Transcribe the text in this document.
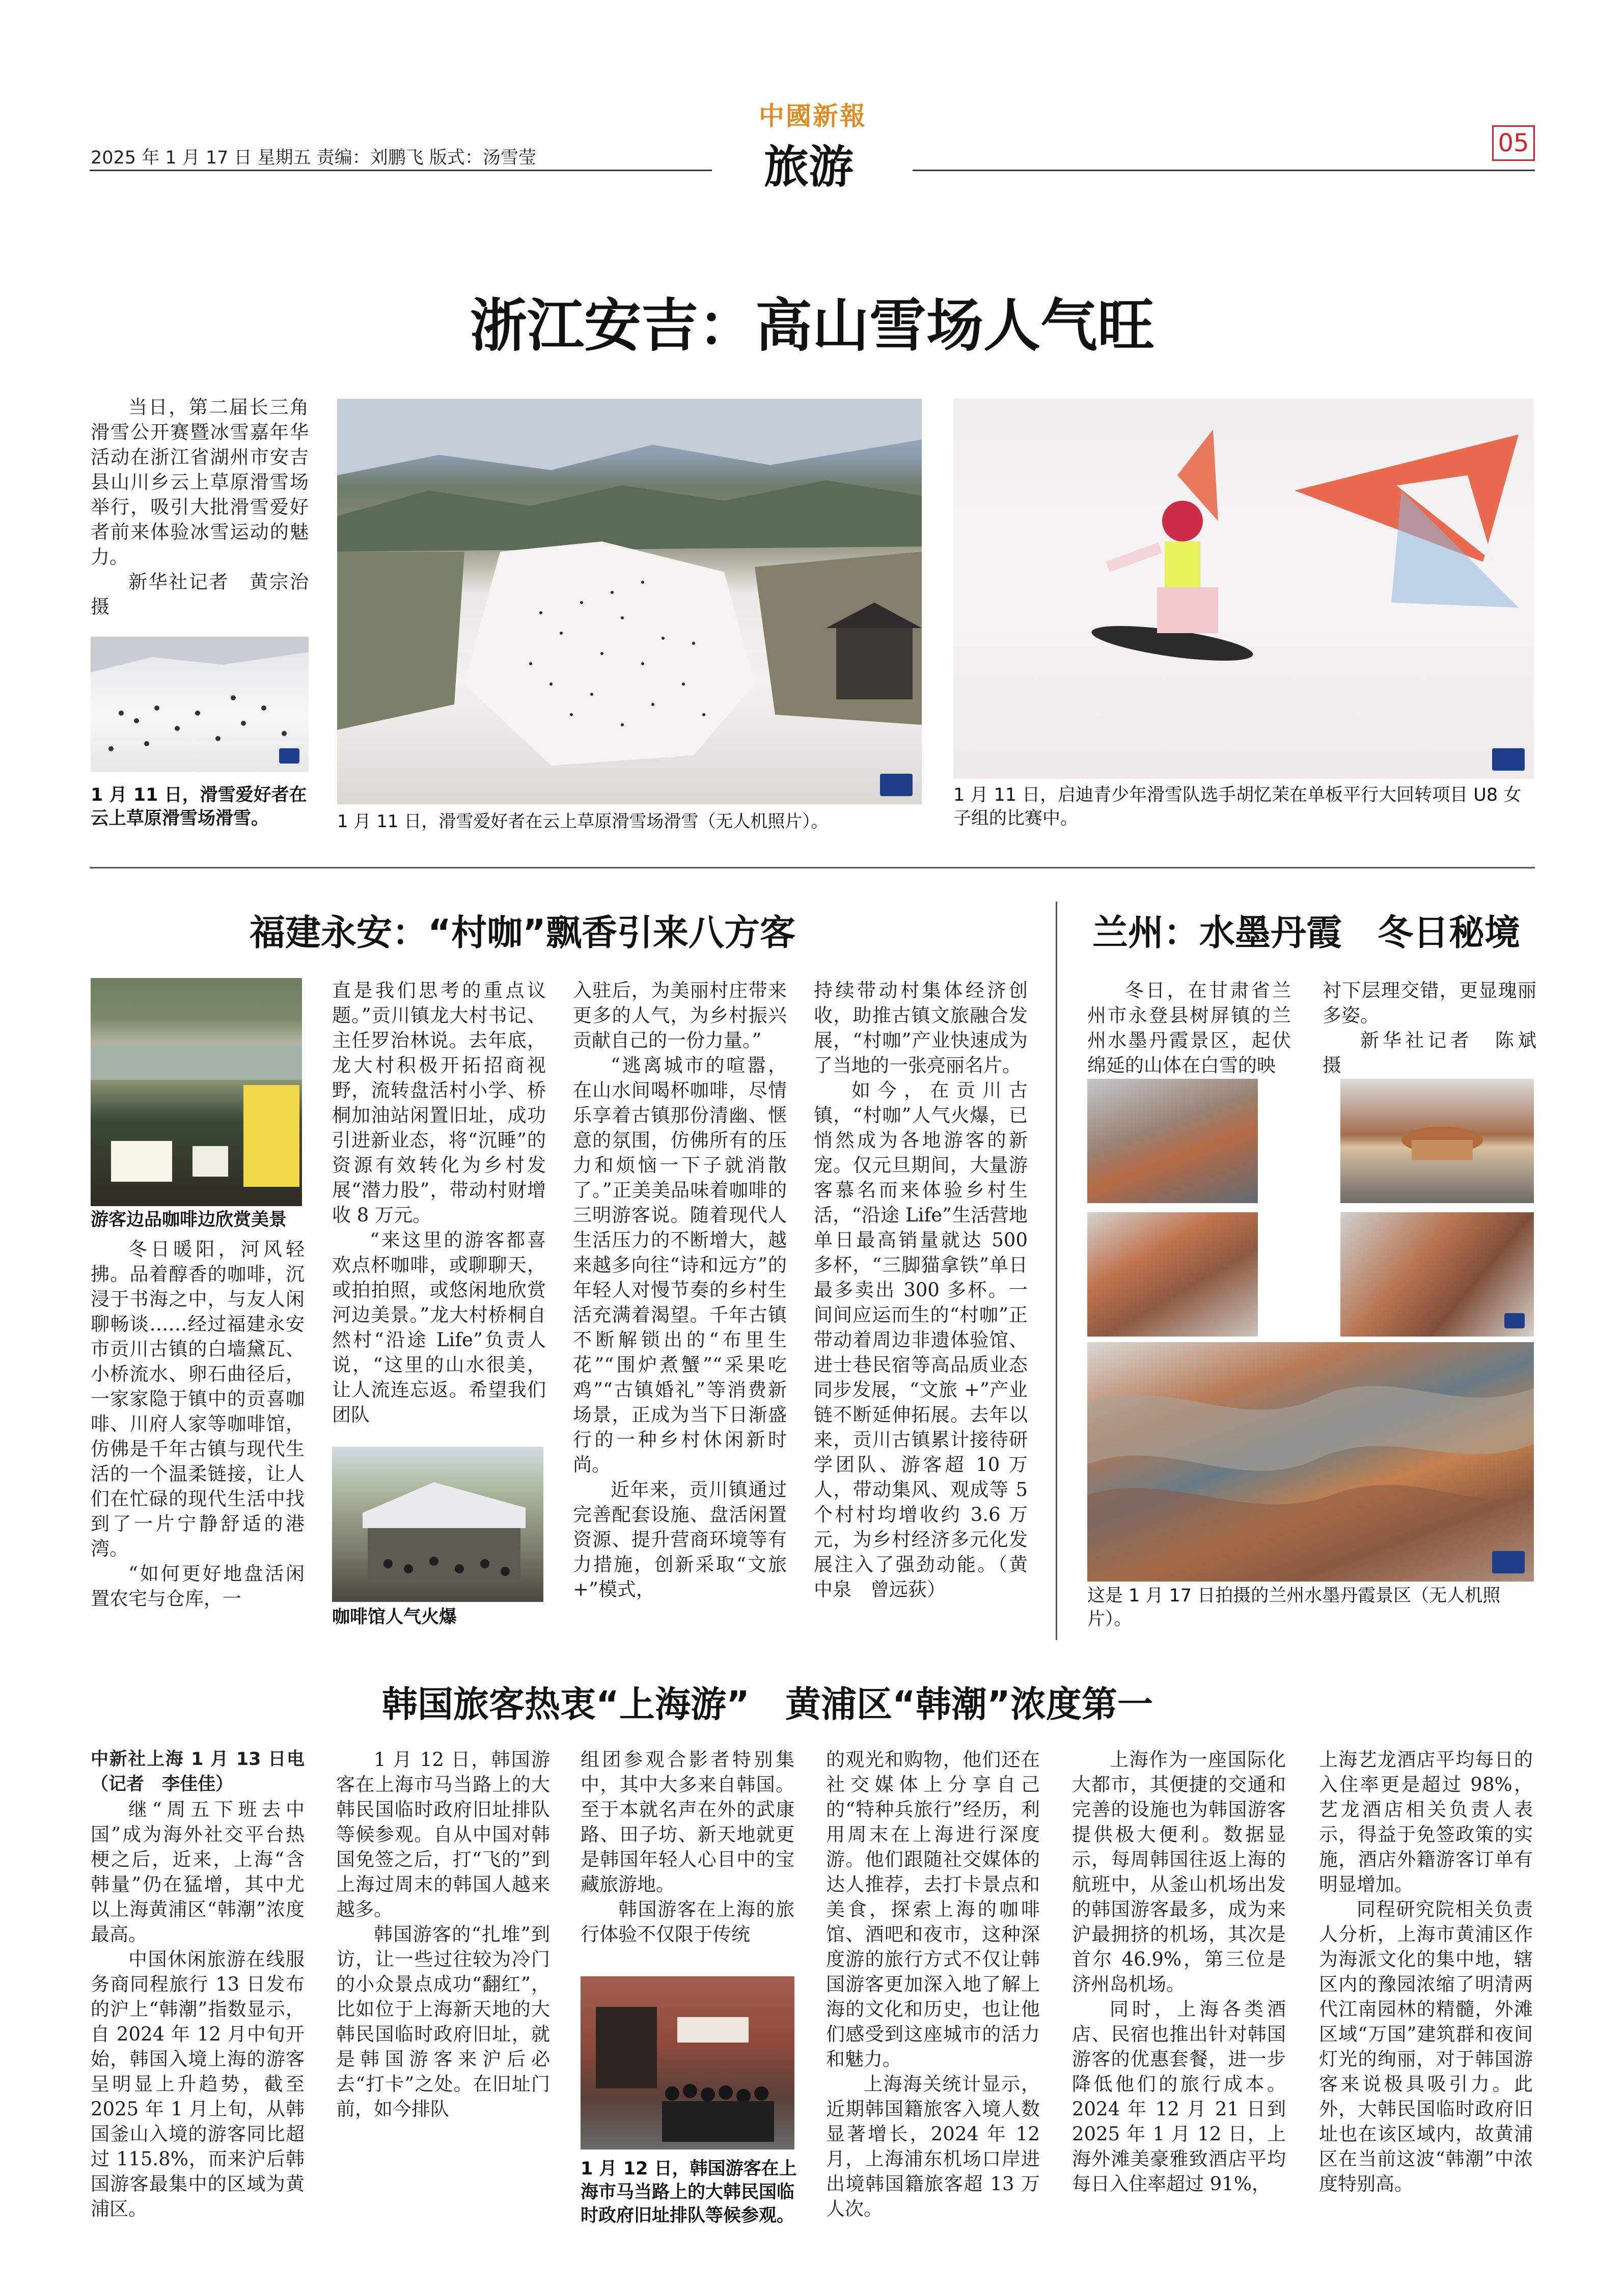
2025 年 1 月 17 日 星期五 责编：刘鹏飞 版式：汤雪莹
中國新報
旅游	05
浙江安吉：高山雪场人气旺
当日，第二届长三角滑雪公开赛暨冰雪嘉年华活动在浙江省湖州市安吉县山川乡云上草原滑雪场举行，吸引大批滑雪爱好者前来体验冰雪运动的魅力。
新华社记者　黄宗治　摄
1 月 11 日，滑雪爱好者在云上草原滑雪场滑雪。	1 月 11 日，滑雪爱好者在云上草原滑雪场滑雪（无人机照片）。
1 月 11 日，启迪青少年滑雪队选手胡忆茉在单板平行大回转项目 U8 女子组的比赛中。
福建永安：“村咖”飘香引来八方客
游客边品咖啡边欣赏美景
冬日暖阳，河风轻拂。品着醇香的咖啡，沉浸于书海之中，与友人闲聊畅谈……经过福建永安市贡川古镇的白墙黛瓦、小桥流水、卵石曲径后，一家家隐于镇中的贡喜咖啡、川府人家等咖啡馆，仿佛是千年古镇与现代生活的一个温柔链接，让人们在忙碌的现代生活中找到了一片宁静舒适的港湾。
“如何更好地盘活闲置农宅与仓库，一
直是我们思考的重点议题。”贡川镇龙大村书记、主任罗治林说。去年底，龙大村积极开拓招商视野，流转盘活村小学、桥桐加油站闲置旧址，成功引进新业态，将“沉睡”的资源有效转化为乡村发展“潜力股”，带动村财增收 8 万元。
“来这里的游客都喜欢点杯咖啡，或聊聊天，或拍拍照，或悠闲地欣赏河边美景。”龙大村桥桐自然村“沿途 Life”负责人说，“这里的山水很美，让人流连忘返。希望我们团队
咖啡馆人气火爆
入驻后，为美丽村庄带来更多的人气，为乡村振兴贡献自己的一份力量。”
“逃离城市的喧嚣，在山水间喝杯咖啡，尽情乐享着古镇那份清幽、惬意的氛围，仿佛所有的压力和烦恼一下子就消散了。”正美美品味着咖啡的三明游客说。随着现代人生活压力的不断增大，越来越多向往“诗和远方”的年轻人对慢节奏的乡村生活充满着渴望。千年古镇不断解锁出的“布里生花”“围炉煮蟹”“采果吃鸡”“古镇婚礼”等消费新场景，正成为当下日渐盛行的一种乡村休闲新时尚。
近年来，贡川镇通过完善配套设施、盘活闲置资源、提升营商环境等有力措施，创新采取“文旅 +”模式，
持续带动村集体经济创收，助推古镇文旅融合发展，“村咖”产业快速成为了当地的一张亮丽名片。
如今，在贡川古镇，“村咖”人气火爆，已悄然成为各地游客的新宠。仅元旦期间，大量游客慕名而来体验乡村生活，“沿途 Life”生活营地单日最高销量就达 500 多杯，“三脚猫拿铁”单日最多卖出 300 多杯。一间间应运而生的“村咖”正带动着周边非遗体验馆、进士巷民宿等高品质业态同步发展，“文旅 +”产业链不断延伸拓展。去年以来，贡川古镇累计接待研学团队、游客超 10 万人，带动集风、观成等 5 个村村均增收约 3.6 万元，为乡村经济多元化发展注入了强劲动能。（黄中泉　曾远荻）
兰州：水墨丹霞　冬日秘境
冬日，在甘肃省兰州市永登县树屏镇的兰州水墨丹霞景区，起伏绵延的山体在白雪的映
衬下层理交错，更显瑰丽多姿。
新华社记者　陈斌　摄
这是 1 月 17 日拍摄的兰州水墨丹霞景区（无人机照片）。
韩国旅客热衷“上海游”　黄浦区“韩潮”浓度第一
中新社上海 1 月 13 日电（记者　李佳佳）
继“周五下班去中国”成为海外社交平台热梗之后，近来，上海“含韩量”仍在猛增，其中尤以上海黄浦区“韩潮”浓度最高。
中国休闲旅游在线服务商同程旅行 13 日发布的沪上“韩潮”指数显示，自 2024 年 12 月中旬开始，韩国入境上海的游客呈明显上升趋势，截至 2025 年 1 月上旬，从韩国釜山入境的游客同比超过 115.8%，而来沪后韩国游客最集中的区域为黄浦区。
1 月 12 日，韩国游客在上海市马当路上的大韩民国临时政府旧址排队等候参观。自从中国对韩国免签之后，打“飞的”到上海过周末的韩国人越来越多。
韩国游客的“扎堆”到访，让一些过往较为冷门的小众景点成功“翻红”，比如位于上海新天地的大韩民国临时政府旧址，就是韩国游客来沪后必去“打卡”之处。在旧址门前，如今排队
组团参观合影者特别集中，其中大多来自韩国。至于本就名声在外的武康路、田子坊、新天地就更是韩国年轻人心目中的宝藏旅游地。
韩国游客在上海的旅行体验不仅限于传统
1 月 12 日，韩国游客在上海市马当路上的大韩民国临时政府旧址排队等候参观。
的观光和购物，他们还在社交媒体上分享自己的“特种兵旅行”经历，利用周末在上海进行深度游。他们跟随社交媒体的达人推荐，去打卡景点和美食，探索上海的咖啡馆、酒吧和夜市，这种深度游的旅行方式不仅让韩国游客更加深入地了解上海的文化和历史，也让他们感受到这座城市的活力和魅力。
上海海关统计显示，近期韩国籍旅客入境人数显著增长，2024 年 12 月，上海浦东机场口岸进出境韩国籍旅客超 13 万人次。
上海作为一座国际化大都市，其便捷的交通和完善的设施也为韩国游客提供极大便利。数据显示，每周韩国往返上海的航班中，从釜山机场出发的韩国游客最多，成为来沪最拥挤的机场，其次是首尔 46.9%，第三位是济州岛机场。
同时，上海各类酒店、民宿也推出针对韩国游客的优惠套餐，进一步降低他们的旅行成本。2024 年 12 月 21 日到 2025 年 1 月 12 日，上海外滩美豪雅致酒店平均每日入住率超过 91%，
上海艺龙酒店平均每日的入住率更是超过 98%，艺龙酒店相关负责人表示，得益于免签政策的实施，酒店外籍游客订单有明显增加。
同程研究院相关负责人分析，上海市黄浦区作为海派文化的集中地，辖区内的豫园浓缩了明清两代江南园林的精髓，外滩区域“万国”建筑群和夜间灯光的绚丽，对于韩国游客来说极具吸引力。此外，大韩民国临时政府旧址也在该区域内，故黄浦区在当前这波“韩潮”中浓度特别高。
